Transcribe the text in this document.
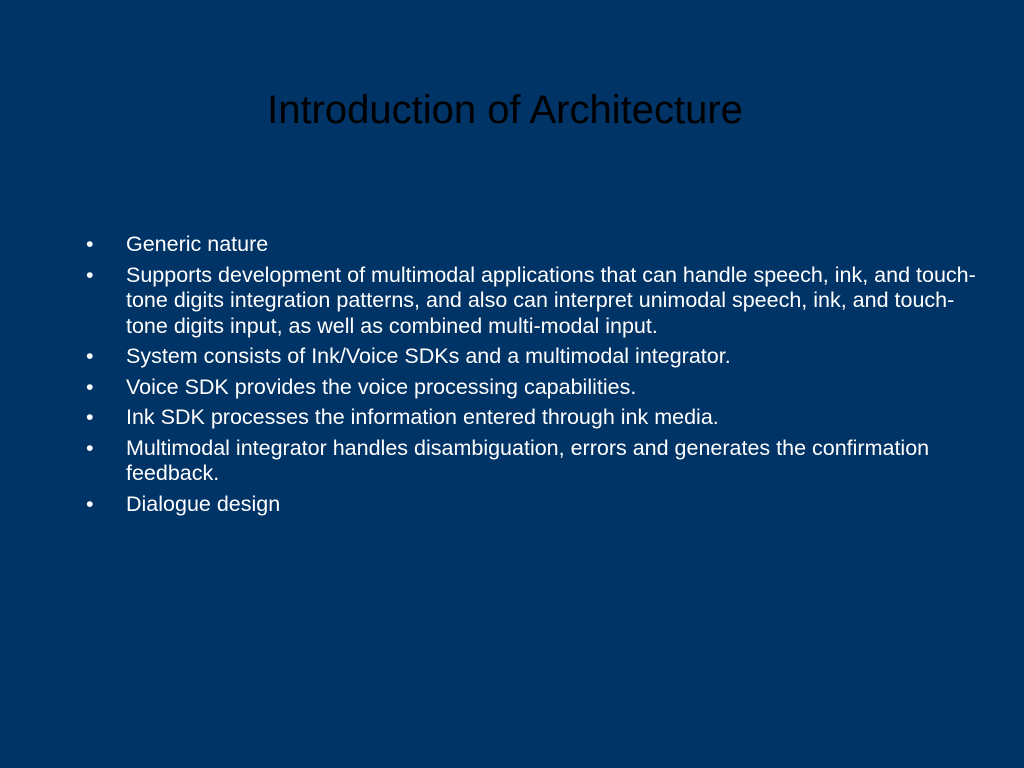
Introduction of Architecture
•	Generic nature
•	Supports development of multimodal applications that can handle speech, ink, and touch-tone digits integration patterns, and also can interpret unimodal speech, ink, and touch-tone digits input, as well as combined multi-modal input.
•	System consists of Ink/Voice SDKs and a multimodal integrator.
•	Voice SDK provides the voice processing capabilities.
•	Ink SDK processes the information entered through ink media.
•	Multimodal integrator handles disambiguation, errors and generates the confirmation feedback.
•	Dialogue design
